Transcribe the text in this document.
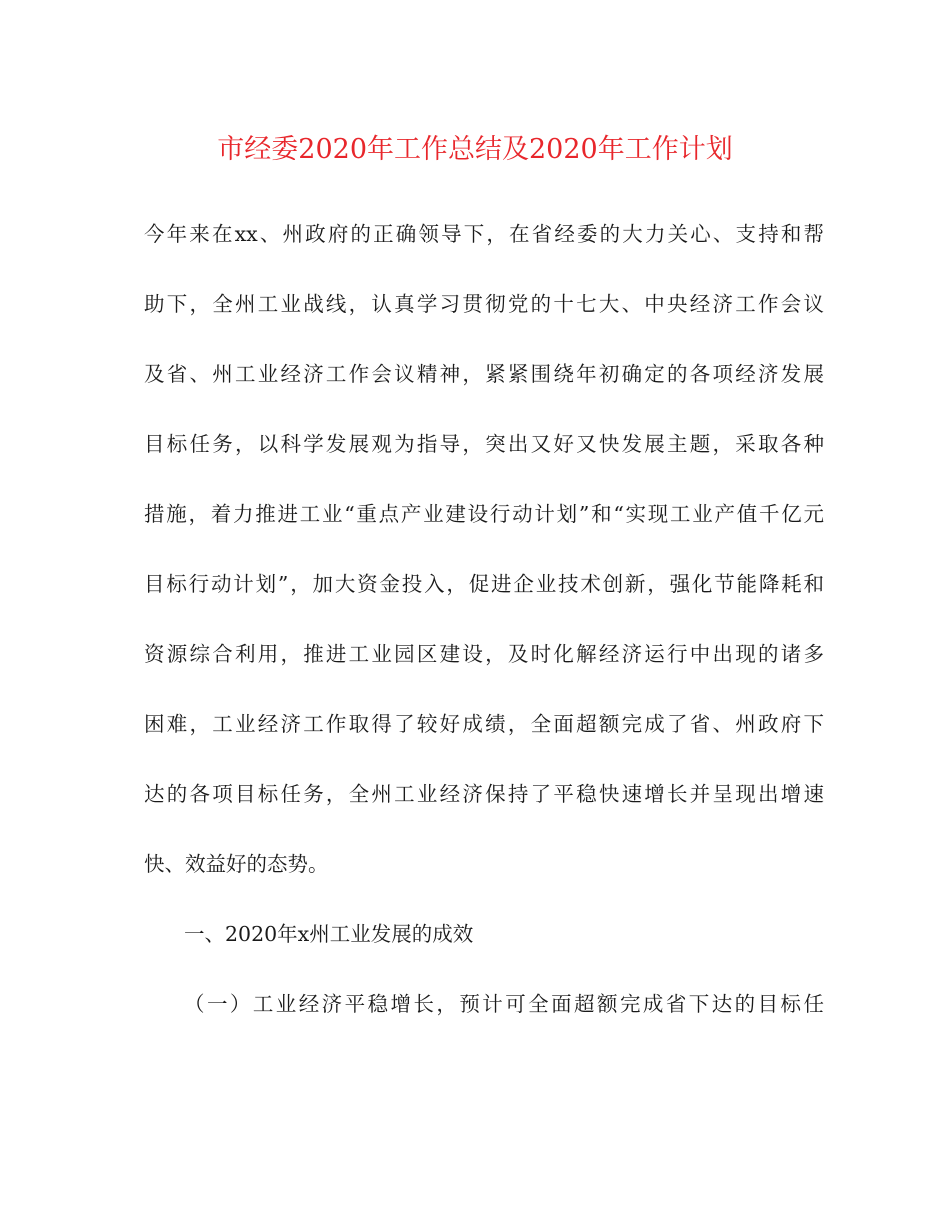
市经委2020年工作总结及2020年工作计划
今年来在xx、州政府的正确领导下，在省经委的大力关心、支持和帮
助下，全州工业战线，认真学习贯彻党的十七大、中央经济工作会议
及省、州工业经济工作会议精神，紧紧围绕年初确定的各项经济发展
目标任务，以科学发展观为指导，突出又好又快发展主题，采取各种
措施，着力推进工业“重点产业建设行动计划”和“实现工业产值千亿元
目标行动计划”，加大资金投入，促进企业技术创新，强化节能降耗和
资源综合利用，推进工业园区建设，及时化解经济运行中出现的诸多
困难，工业经济工作取得了较好成绩，全面超额完成了省、州政府下
达的各项目标任务，全州工业经济保持了平稳快速增长并呈现出增速
快、效益好的态势。
一、2020年x州工业发展的成效
（一）工业经济平稳增长，预计可全面超额完成省下达的目标任
